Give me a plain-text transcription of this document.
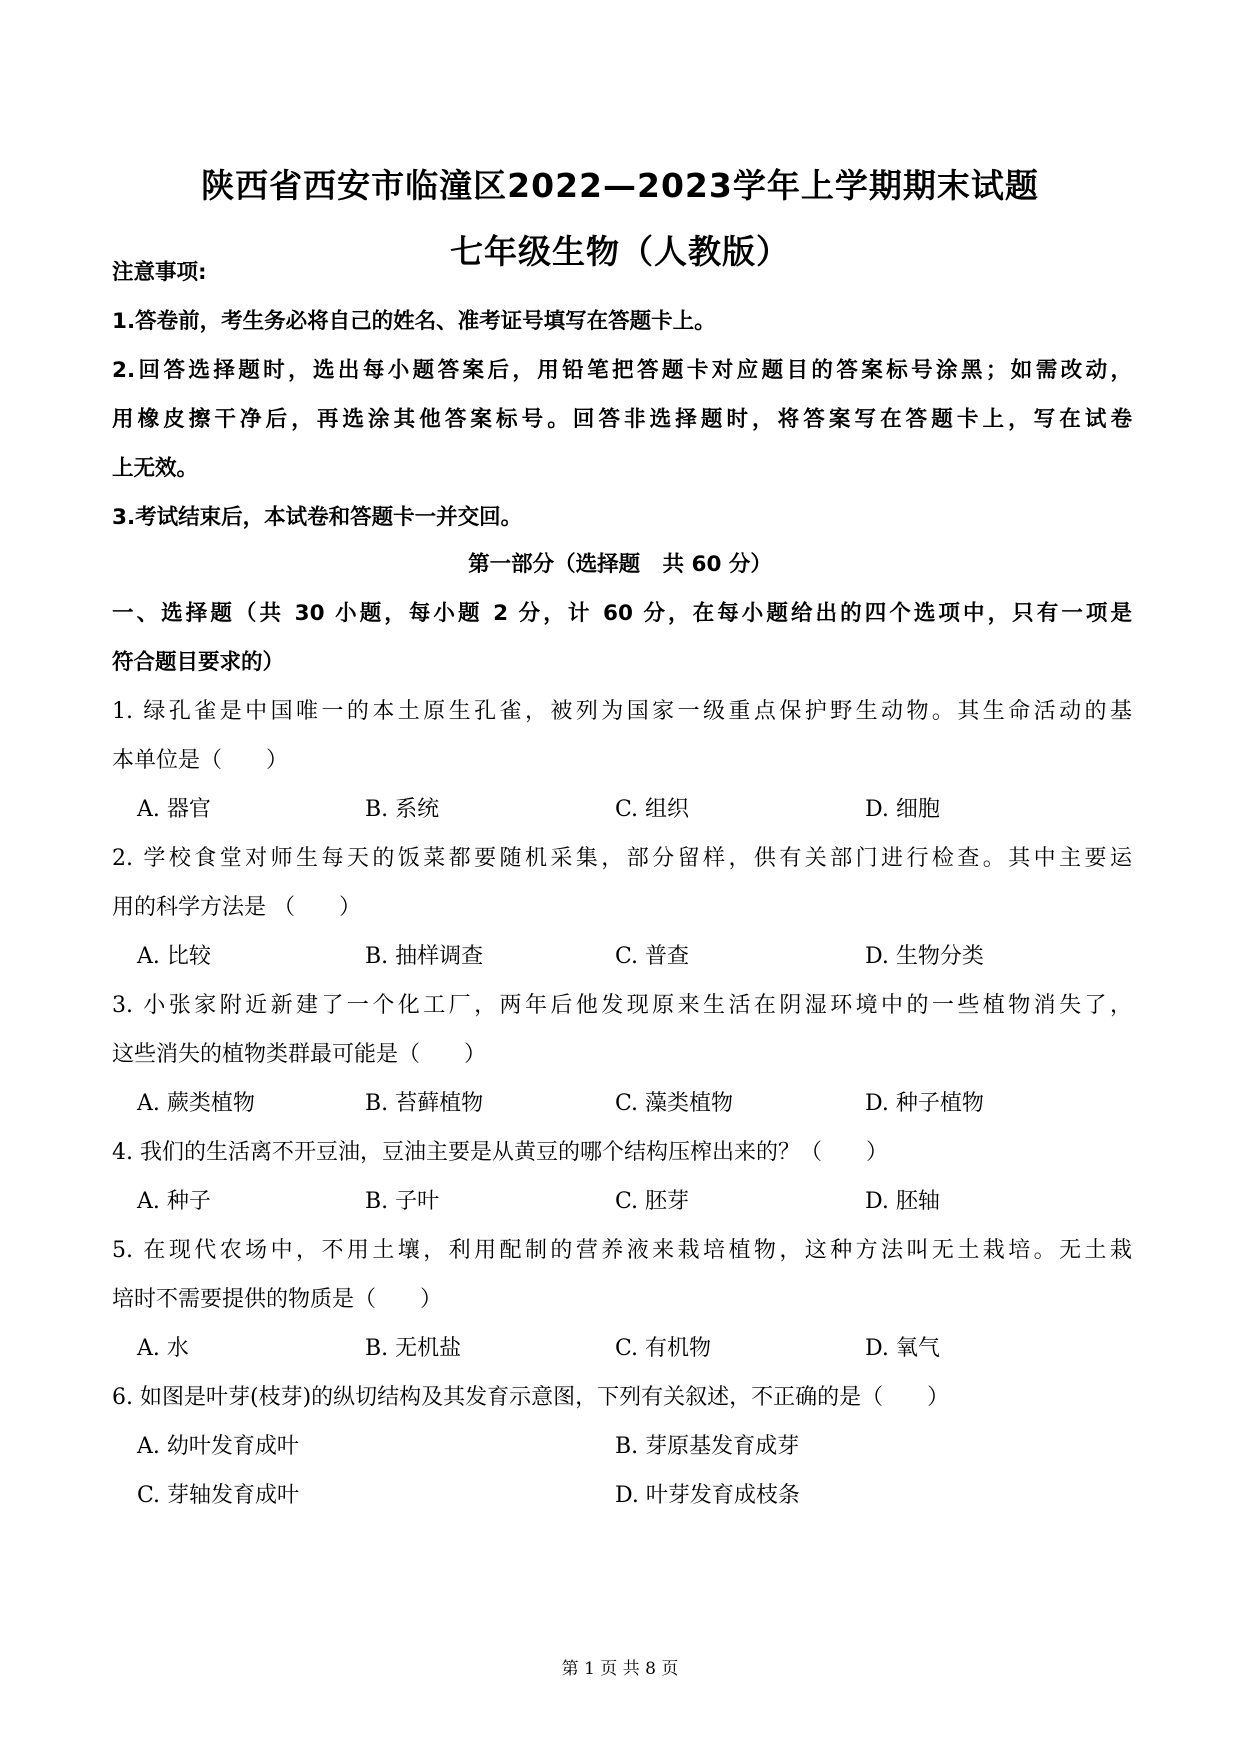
陕西省西安市临潼区2022—2023学年上学期期末试题
七年级生物（人教版）
注意事项:
1.答卷前，考生务必将自己的姓名、准考证号填写在答题卡上。
2.回答选择题时，选出每小题答案后，用铅笔把答题卡对应题目的答案标号涂黑；如需改动，
用橡皮擦干净后，再选涂其他答案标号。回答非选择题时，将答案写在答题卡上，写在试卷
上无效。
3.考试结束后，本试卷和答题卡一并交回。
第一部分（选择题   共 60 分）
一、选择题（共 30 小题，每小题 2 分，计 60 分，在每小题给出的四个选项中，只有一项是
符合题目要求的）
1. 绿孔雀是中国唯一的本土原生孔雀，被列为国家一级重点保护野生动物。其生命活动的基
本单位是（　　）
A. 器官	B. 系统	C. 组织	D. 细胞
2. 学校食堂对师生每天的饭菜都要随机采集，部分留样，供有关部门进行检查。其中主要运
用的科学方法是 （　　）
A. 比较	B. 抽样调查	C. 普查	D. 生物分类
3. 小张家附近新建了一个化工厂，两年后他发现原来生活在阴湿环境中的一些植物消失了，
这些消失的植物类群最可能是（　　）
A. 蕨类植物	B. 苔藓植物	C. 藻类植物	D. 种子植物
4. 我们的生活离不开豆油，豆油主要是从黄豆的哪个结构压榨出来的？（　　）
A. 种子	B. 子叶	C. 胚芽	D. 胚轴
5. 在现代农场中，不用土壤，利用配制的营养液来栽培植物，这种方法叫无土栽培。无土栽
培时不需要提供的物质是（　　）
A. 水	B. 无机盐	C. 有机物	D. 氧气
6. 如图是叶芽(枝芽)的纵切结构及其发育示意图，下列有关叙述，不正确的是（　　）
A. 幼叶发育成叶	B. 芽原基发育成芽
C. 芽轴发育成叶	D. 叶芽发育成枝条
第 1 页 共 8 页
